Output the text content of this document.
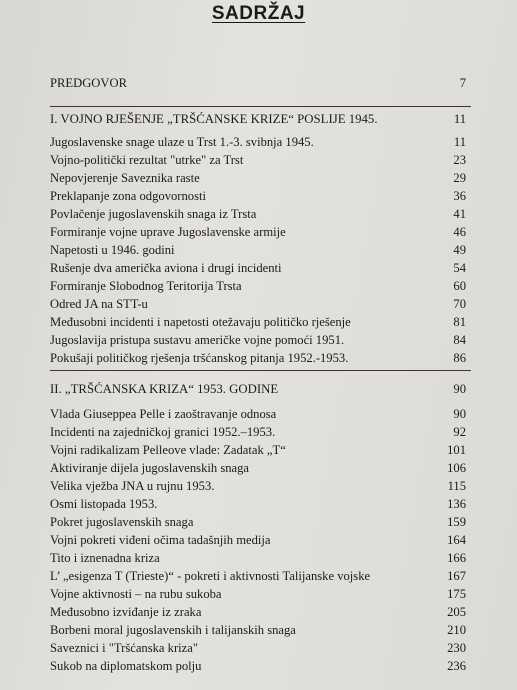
SADRŽAJ
PREDGOVOR	7
I. VOJNO RJEŠENJE „TRŠĆANSKE KRIZE“ POSLIJE 1945.	11
Jugoslavenske snage ulaze u Trst 1.-3. svibnja 1945.	11
Vojno-politički rezultat "utrke" za Trst	23
Nepovjerenje Saveznika raste	29
Preklapanje zona odgovornosti	36
Povlačenje jugoslavenskih snaga iz Trsta	41
Formiranje vojne uprave Jugoslavenske armije	46
Napetosti u 1946. godini	49
Rušenje dva američka aviona i drugi incidenti	54
Formiranje Slobodnog Teritorija Trsta	60
Odred JA na STT-u	70
Međusobni incidenti i napetosti otežavaju političko rješenje	81
Jugoslavija pristupa sustavu američke vojne pomoći 1951.	84
Pokušaji političkog rješenja tršćanskog pitanja 1952.-1953.	86
II. „TRŠĆANSKA KRIZA“ 1953. GODINE	90
Vlada Giuseppea Pelle i zaoštravanje odnosa	90
Incidenti na zajedničkoj granici 1952.–1953.	92
Vojni radikalizam Pelleove vlade: Zadatak „T“	101
Aktiviranje dijela jugoslavenskih snaga	106
Velika vježba JNA u rujnu 1953.	115
Osmi listopada 1953.	136
Pokret jugoslavenskih snaga	159
Vojni pokreti viđeni očima tadašnjih medija	164
Tito i iznenadna kriza	166
L’ „esigenza T (Trieste)“ - pokreti i aktivnosti Talijanske vojske	167
Vojne aktivnosti – na rubu sukoba	175
Međusobno izviđanje iz zraka	205
Borbeni moral jugoslavenskih i talijanskih snaga	210
Saveznici i "Tršćanska kriza"	230
Sukob na diplomatskom polju	236
